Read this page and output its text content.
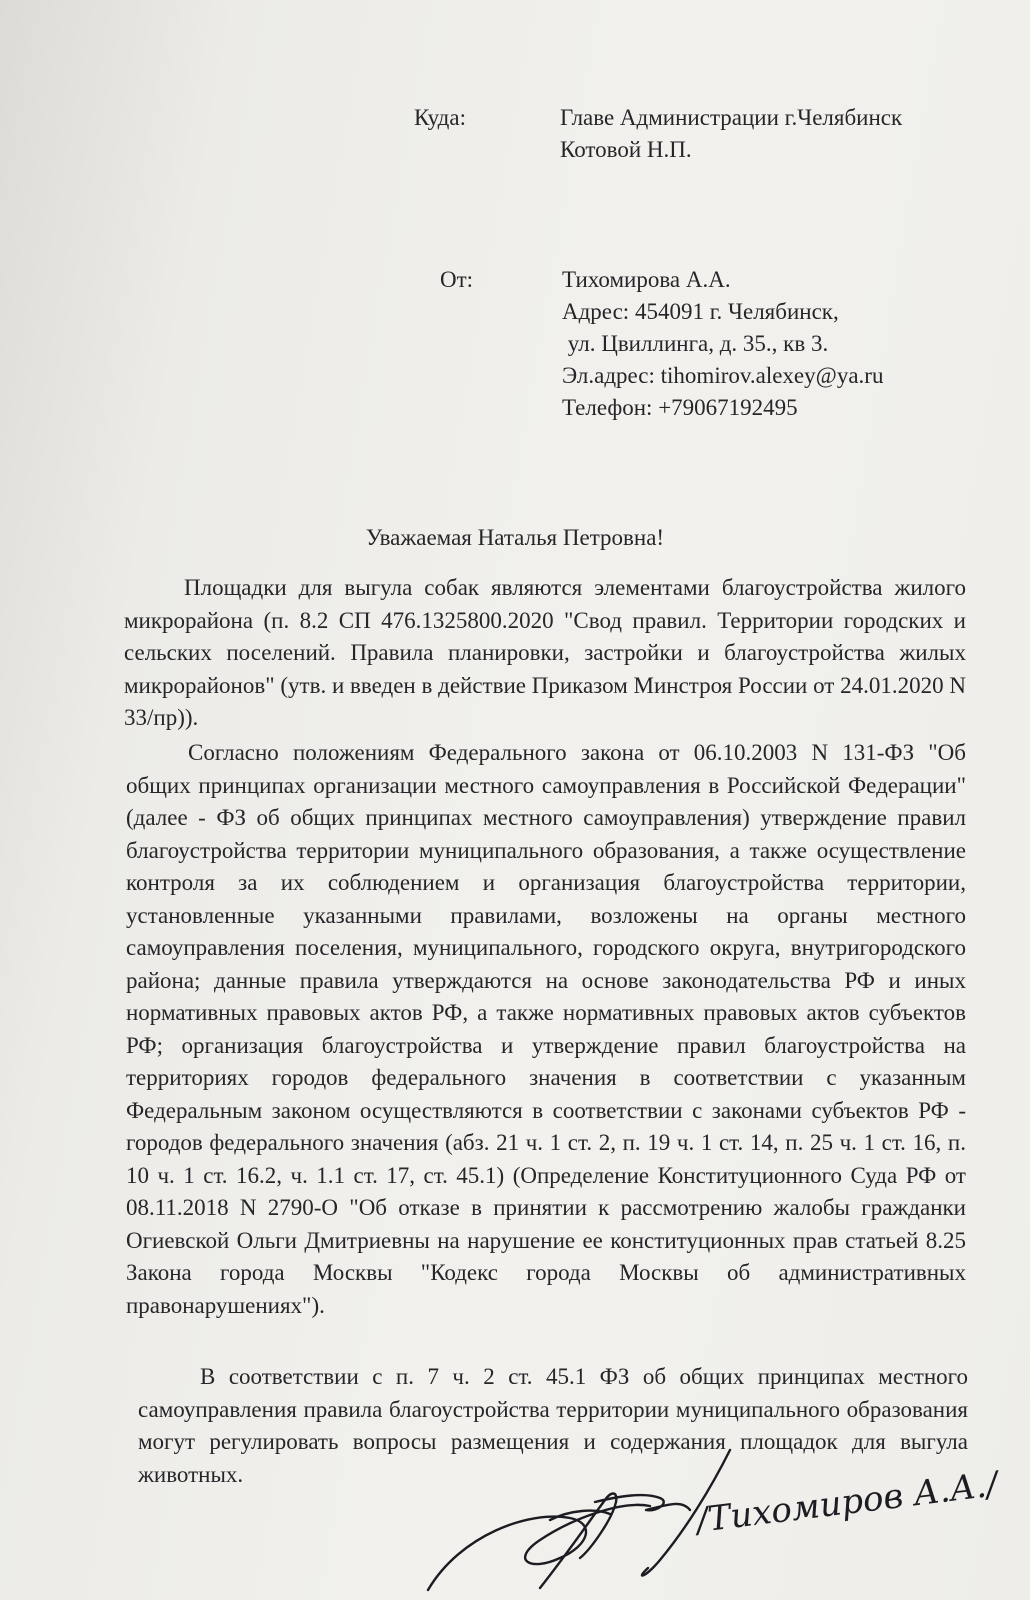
Куда:	Главе Администрации г.Челябинск
Котовой Н.П.
От:	Тихомирова А.А.
Адрес: 454091 г. Челябинск,
ул. Цвиллинга, д. 35., кв 3.
Эл.адрес: tihomirov.alexey@ya.ru
Телефон: +79067192495
Уважаемая Наталья Петровна!

Площадки для выгула собак являются элементами благоустройства жилого микрорайона (п. 8.2 СП 476.1325800.2020 "Свод правил. Территории городских и сельских поселений. Правила планировки, застройки и благоустройства жилых микрорайонов" (утв. и введен в действие Приказом Минстроя России от 24.01.2020 N 33/пр)).

Согласно положениям Федерального закона от 06.10.2003 N 131-ФЗ "Об общих принципах организации местного самоуправления в Российской Федерации" (далее - ФЗ об общих принципах местного самоуправления) утверждение правил благоустройства территории муниципального образования, а также осуществление контроля за их соблюдением и организация благоустройства территории, установленные указанными правилами, возложены на органы местного самоуправления поселения, муниципального, городского округа, внутригородского района; данные правила утверждаются на основе законодательства РФ и иных нормативных правовых актов РФ, а также нормативных правовых актов субъектов РФ; организация благоустройства и утверждение правил благоустройства на территориях городов федерального значения в соответствии с указанным Федеральным законом осуществляются в соответствии с законами субъектов РФ - городов федерального значения (абз. 21 ч. 1 ст. 2, п. 19 ч. 1 ст. 14, п. 25 ч. 1 ст. 16, п. 10 ч. 1 ст. 16.2, ч. 1.1 ст. 17, ст. 45.1) (Определение Конституционного Суда РФ от 08.11.2018 N 2790-О "Об отказе в принятии к рассмотрению жалобы гражданки Огиевской Ольги Дмитриевны на нарушение ее конституционных прав статьей 8.25 Закона города Москвы "Кодекс города Москвы об административных правонарушениях").

В соответствии с п. 7 ч. 2 ст. 45.1 ФЗ об общих принципах местного самоуправления правила благоустройства территории муниципального образования могут регулировать вопросы размещения и содержания площадок для выгула животных.	/Тихомиров А.А./
